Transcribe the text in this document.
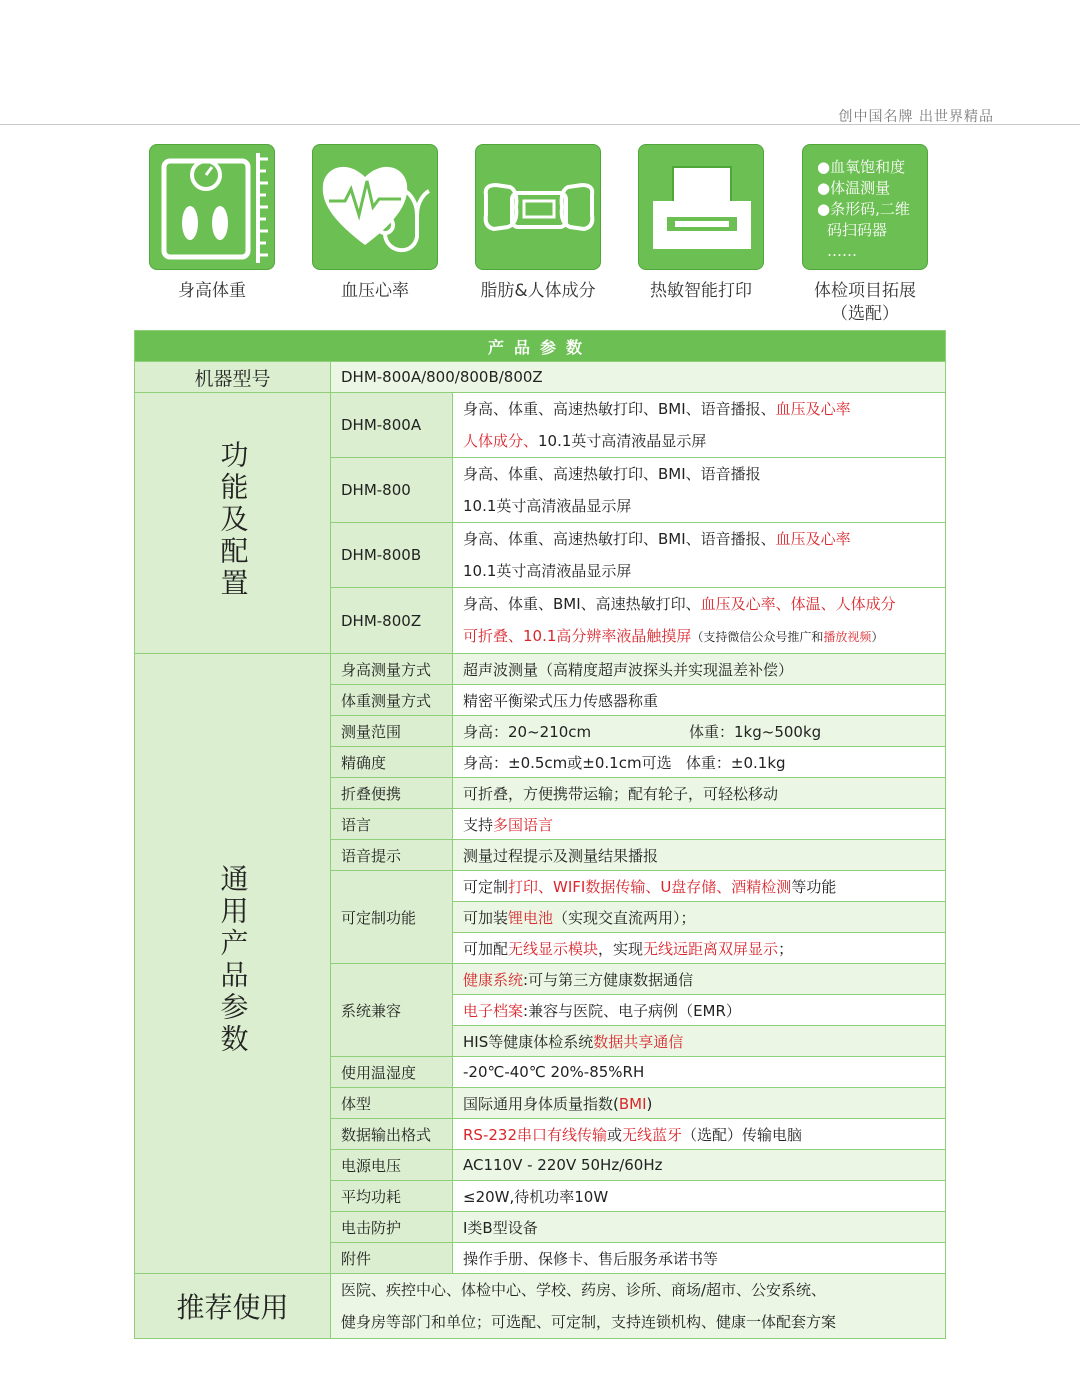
创中国名牌 出世界精品
身高体重	血压心率	脂肪&人体成分	热敏智能打印
●血氧饱和度
●体温测量
●条形码,二维
码扫码器
……
体检项目拓展
（选配）
产品参数		
机器型号	DHM-800A/800/800B/800Z	
功能及配置	DHM-800A	身高、体重、高速热敏打印、BMI、语音播报、血压及心率
人体成分、10.1英寸高清液晶显示屏
	DHM-800	身高、体重、高速热敏打印、BMI、语音播报
10.1英寸高清液晶显示屏
	DHM-800B	身高、体重、高速热敏打印、BMI、语音播报、血压及心率
10.1英寸高清液晶显示屏
	DHM-800Z	身高、体重、BMI、高速热敏打印、血压及心率、体温、人体成分
可折叠、10.1高分辨率液晶触摸屏（支持微信公众号推广和播放视频）
通用产品参数	身高测量方式	超声波测量（高精度超声波探头并实现温差补偿）
	体重测量方式	精密平衡梁式压力传感器称重
	测量范围	身高：20~210cm 体重：1kg~500kg
	精确度	身高：±0.5cm或±0.1cm可选 体重：±0.1kg
	折叠便携	可折叠，方便携带运输；配有轮子，可轻松移动
	语言	支持多国语言
	语音提示	测量过程提示及测量结果播报
	可定制功能	可定制打印、WIFI数据传输、U盘存储、酒精检测等功能
		可加装锂电池（实现交直流两用）；
		可加配无线显示模块，实现无线远距离双屏显示；
	系统兼容	健康系统:可与第三方健康数据通信
		电子档案:兼容与医院、电子病例（EMR）
		HIS等健康体检系统数据共享通信
	使用温湿度	-20℃-40℃ 20%-85%RH
	体型	国际通用身体质量指数(BMI)
	数据输出格式	RS-232串口有线传输或无线蓝牙（选配）传输电脑
	电源电压	AC110V - 220V 50Hz/60Hz
	平均功耗	≤20W,待机功率10W
	电击防护	I类B型设备
	附件	操作手册、保修卡、售后服务承诺书等
推荐使用	医院、疾控中心、体检中心、学校、药房、诊所、商场/超市、公安系统、
健身房等部门和单位；可选配、可定制，支持连锁机构、健康一体配套方案	
